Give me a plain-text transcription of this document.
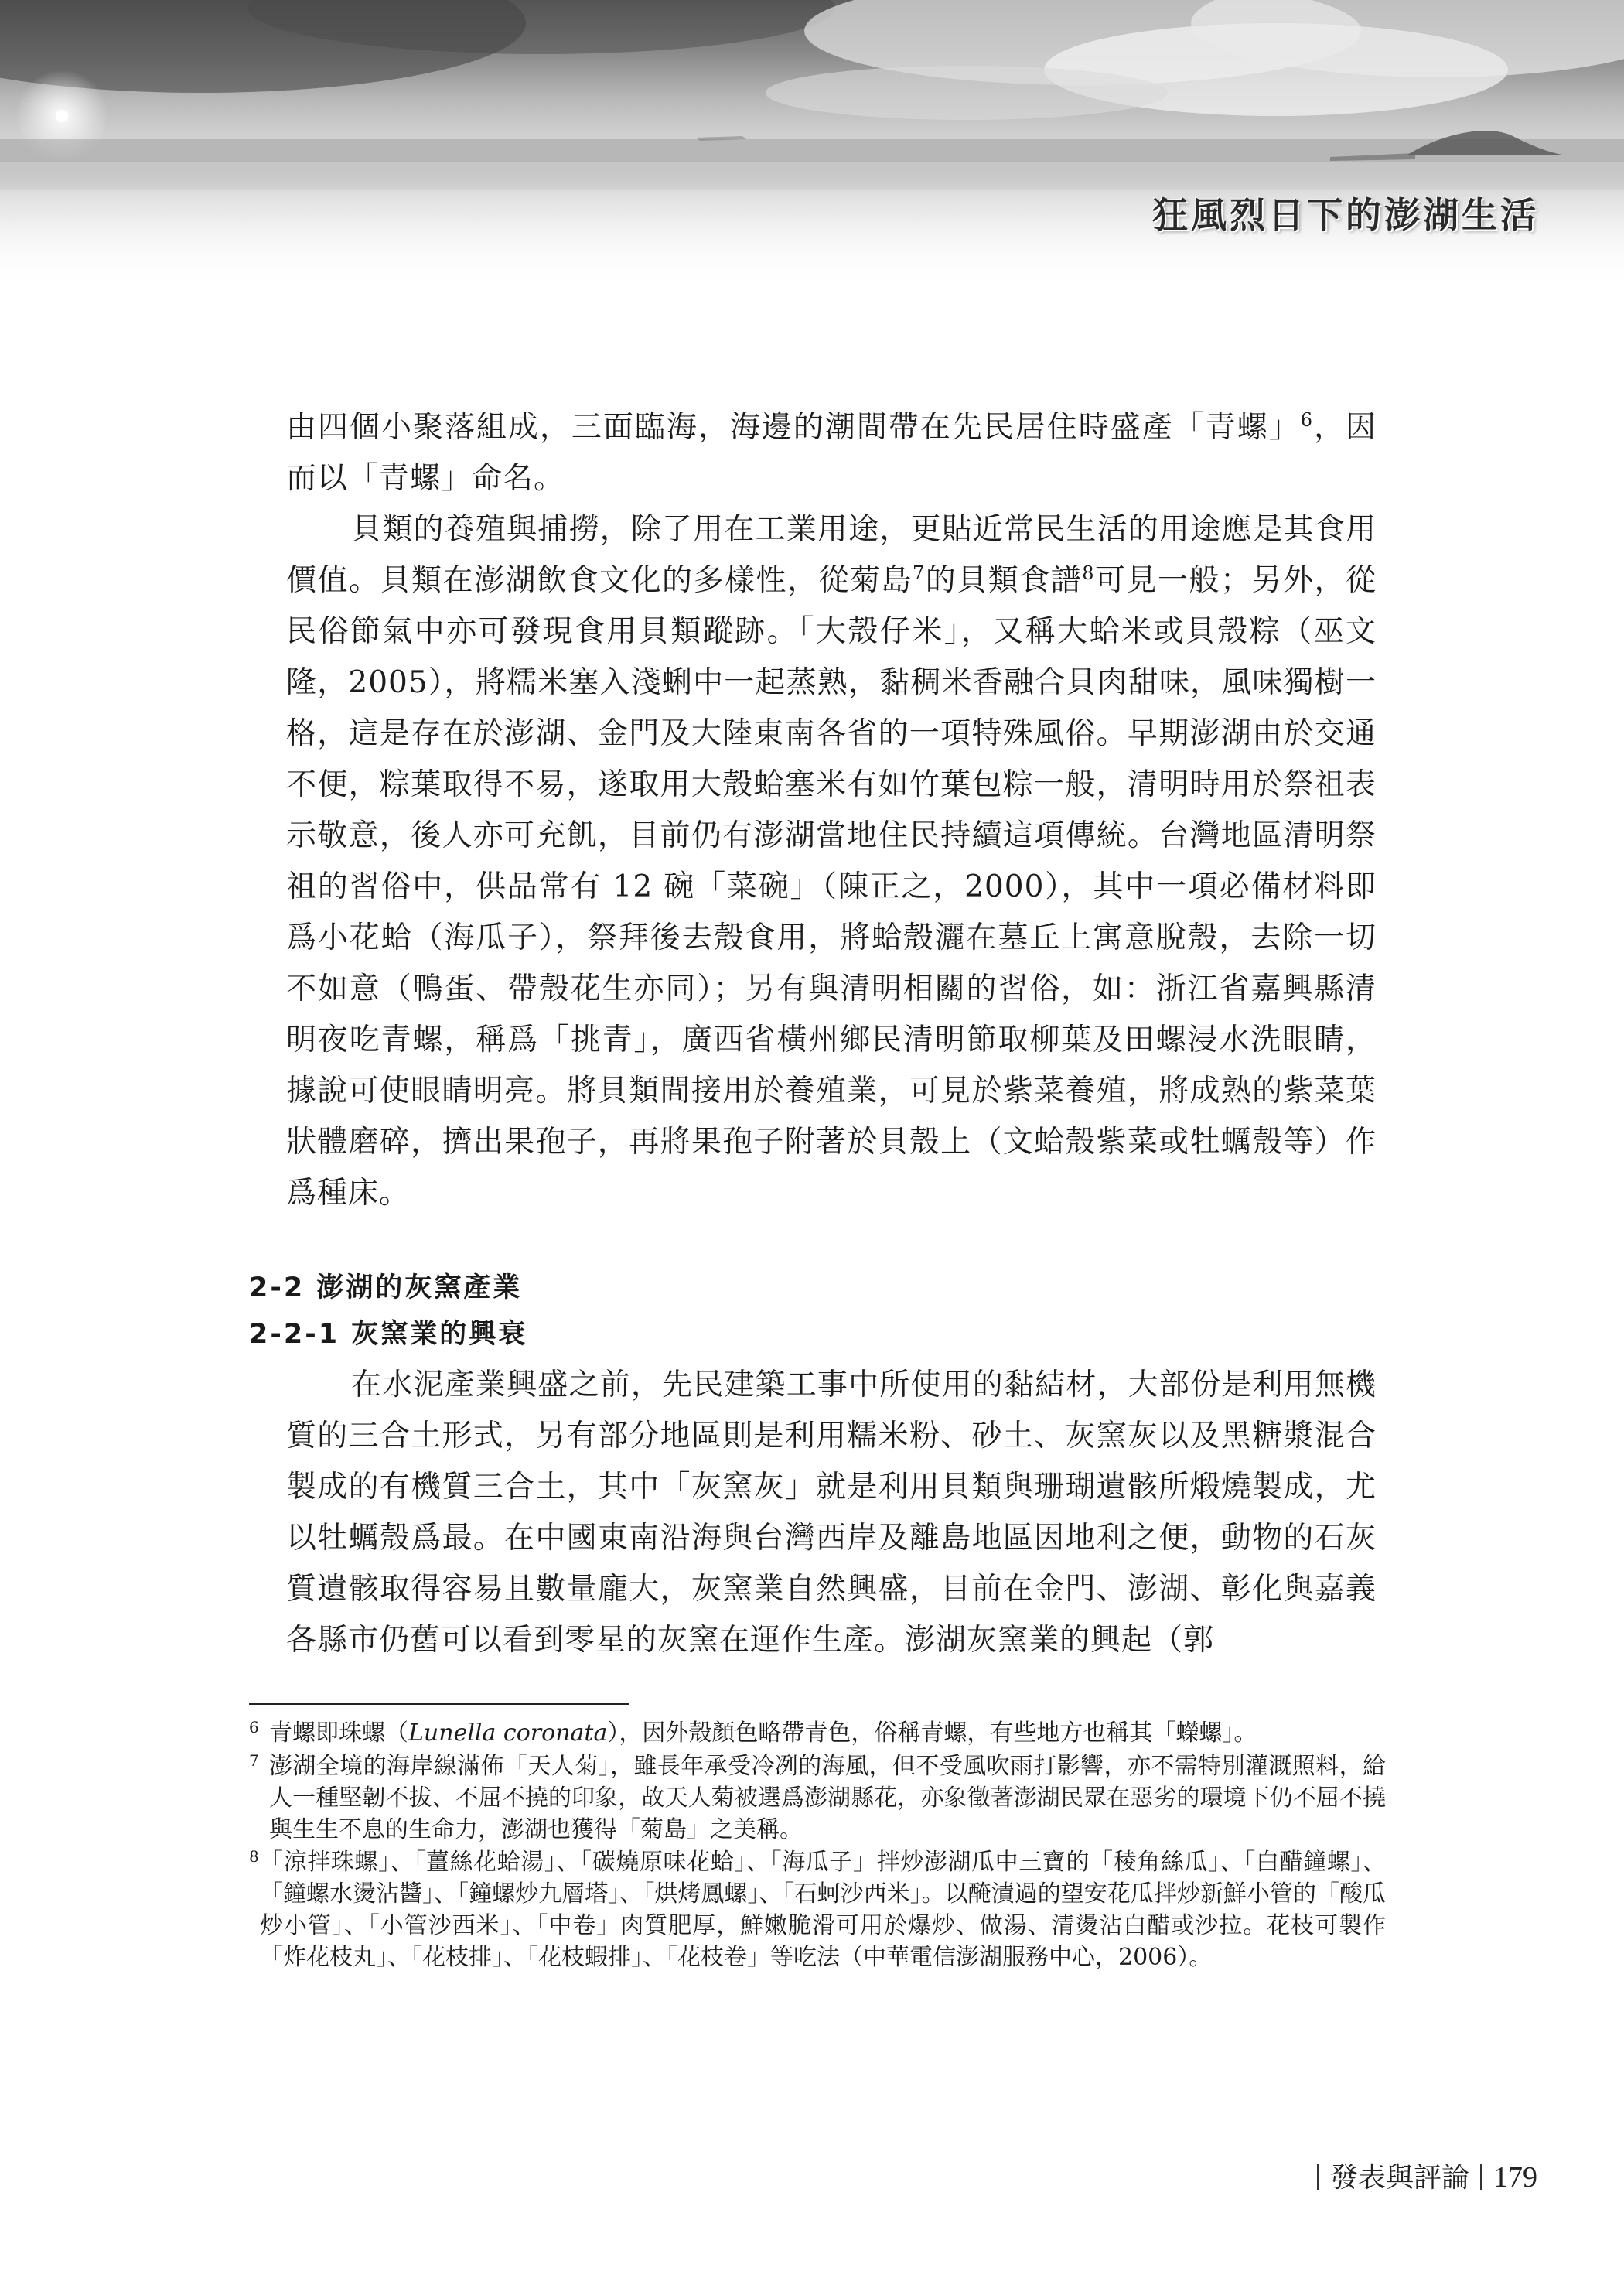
狂風烈日下的澎湖生活

由四個小聚落組成，三面臨海，海邊的潮間帶在先民居住時盛產「青螺」$^6$，因而以「青螺」命名。

貝類的養殖與捕撈，除了用在工業用途，更貼近常民生活的用途應是其食用價值。貝類在澎湖飲食文化的多樣性，從菊島$^7$的貝類食譜$^8$可見一般；另外，從民俗節氣中亦可發現食用貝類蹤跡。「大殼仔米」，又稱大蛤米或貝殼粽（巫文隆，2005），將糯米塞入淺蜊中一起蒸熟，黏稠米香融合貝肉甜味，風味獨樹一格，這是存在於澎湖、金門及大陸東南各省的一項特殊風俗。早期澎湖由於交通不便，粽葉取得不易，遂取用大殼蛤塞米有如竹葉包粽一般，清明時用於祭祖表示敬意，後人亦可充飢，目前仍有澎湖當地住民持續這項傳統。台灣地區清明祭祖的習俗中，供品常有 12 碗「菜碗」（陳正之，2000），其中一項必備材料即爲小花蛤（海瓜子），祭拜後去殼食用，將蛤殼灑在墓丘上寓意脫殼，去除一切不如意（鴨蛋、帶殼花生亦同）；另有與清明相關的習俗，如：浙江省嘉興縣清明夜吃青螺，稱爲「挑青」，廣西省橫州鄉民清明節取柳葉及田螺浸水洗眼睛，據說可使眼睛明亮。將貝類間接用於養殖業，可見於紫菜養殖，將成熟的紫菜葉狀體磨碎，擠出果孢子，再將果孢子附著於貝殼上（文蛤殼紫菜或牡蠣殼等）作爲種床。

2-2 澎湖的灰窯產業
2-2-1 灰窯業的興衰

在水泥產業興盛之前，先民建築工事中所使用的黏結材，大部份是利用無機質的三合土形式，另有部分地區則是利用糯米粉、砂土、灰窯灰以及黑糖漿混合製成的有機質三合土，其中「灰窯灰」就是利用貝類與珊瑚遺骸所煅燒製成，尤以牡蠣殼爲最。在中國東南沿海與台灣西岸及離島地區因地利之便，動物的石灰質遺骸取得容易且數量龐大，灰窯業自然興盛，目前在金門、澎湖、彰化與嘉義各縣市仍舊可以看到零星的灰窯在運作生產。澎湖灰窯業的興起（郭

6 青螺即珠螺（Lunella coronata），因外殼顏色略帶青色，俗稱青螺，有些地方也稱其「蠑螺」。
7 澎湖全境的海岸線滿佈「天人菊」，雖長年承受冷冽的海風，但不受風吹雨打影響，亦不需特別灌溉照料，給人一種堅韌不拔、不屈不撓的印象，故天人菊被選爲澎湖縣花，亦象徵著澎湖民眾在惡劣的環境下仍不屈不撓與生生不息的生命力，澎湖也獲得「菊島」之美稱。
8 「涼拌珠螺」、「薑絲花蛤湯」、「碳燒原味花蛤」、「海瓜子」拌炒澎湖瓜中三寶的「稜角絲瓜」、「白醋鐘螺」、「鐘螺水燙沾醬」、「鐘螺炒九層塔」、「烘烤鳳螺」、「石蚵沙西米」。以醃漬過的望安花瓜拌炒新鮮小管的「酸瓜炒小管」、「小管沙西米」、「中卷」肉質肥厚，鮮嫩脆滑可用於爆炒、做湯、清燙沾白醋或沙拉。花枝可製作「炸花枝丸」、「花枝排」、「花枝蝦排」、「花枝卷」等吃法（中華電信澎湖服務中心，2006）。
發表與評論 179
